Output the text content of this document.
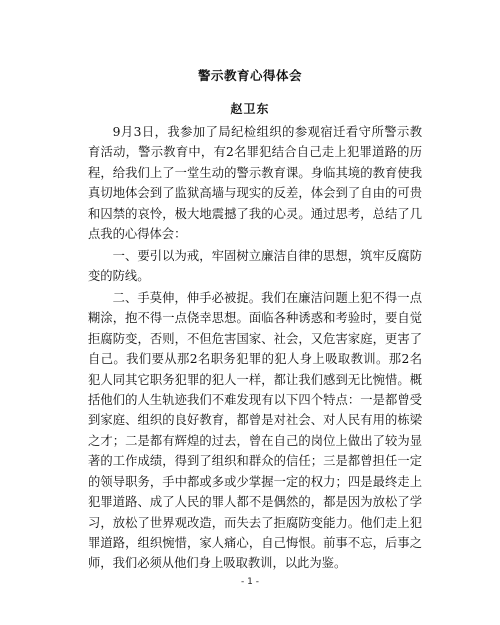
警示教育心得体会
赵卫东

9月3日，我参加了局纪检组织的参观宿迁看守所警示教育活动，警示教育中，有2名罪犯结合自己走上犯罪道路的历程，给我们上了一堂生动的警示教育课。身临其境的教育使我真切地体会到了监狱高墙与现实的反差，体会到了自由的可贵和囚禁的哀怜，极大地震撼了我的心灵。通过思考，总结了几点我的心得体会：

一、要引以为戒，牢固树立廉洁自律的思想，筑牢反腐防变的防线。

二、手莫伸，伸手必被捉。我们在廉洁问题上犯不得一点糊涂，抱不得一点侥幸思想。面临各种诱惑和考验时，要自觉拒腐防变，否则，不但危害国家、社会，又危害家庭，更害了自己。我们要从那2名职务犯罪的犯人身上吸取教训。那2名犯人同其它职务犯罪的犯人一样，都让我们感到无比惋惜。概括他们的人生轨迹我们不难发现有以下四个特点：一是都曾受到家庭、组织的良好教育，都曾是对社会、对人民有用的栋梁之才；二是都有辉煌的过去，曾在自己的岗位上做出了较为显著的工作成绩，得到了组织和群众的信任；三是都曾担任一定的领导职务，手中都或多或少掌握一定的权力；四是最终走上犯罪道路、成了人民的罪人都不是偶然的，都是因为放松了学习，放松了世界观改造，而失去了拒腐防变能力。他们走上犯罪道路，组织惋惜，家人痛心，自己悔恨。前事不忘，后事之师，我们必须从他们身上吸取教训，以此为鉴。

- 1 -
